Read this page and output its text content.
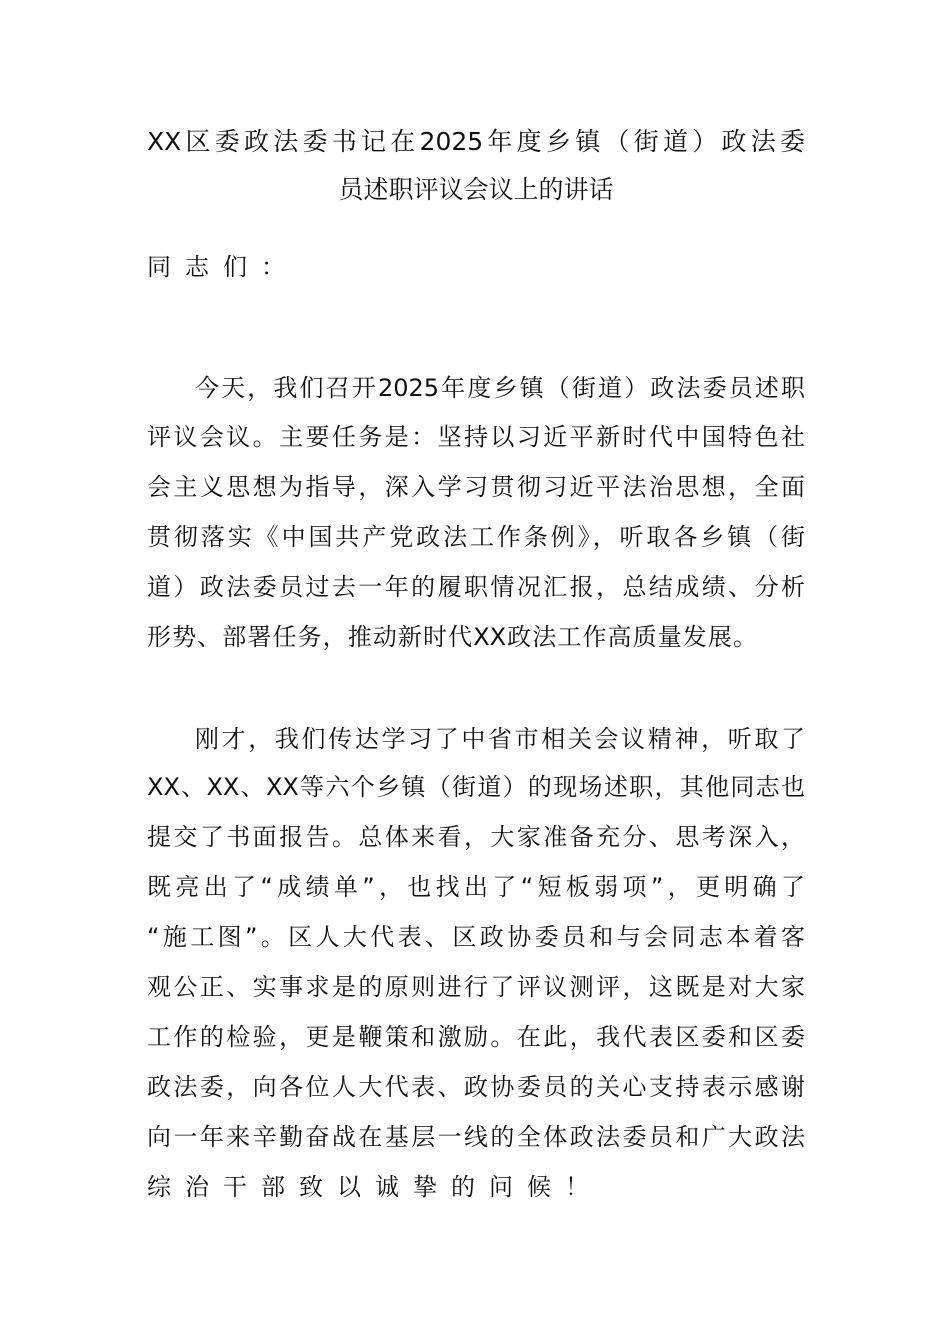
XX区委政法委书记在2025年度乡镇（街道）政法委
员述职评议会议上的讲话
同志们：
今天，我们召开2025年度乡镇（街道）政法委员述职
评议会议。主要任务是：坚持以习近平新时代中国特色社
会主义思想为指导，深入学习贯彻习近平法治思想，全面
贯彻落实《中国共产党政法工作条例》，听取各乡镇（街
道）政法委员过去一年的履职情况汇报，总结成绩、分析
形势、部署任务，推动新时代XX政法工作高质量发展。
刚才，我们传达学习了中省市相关会议精神，听取了
XX、XX、XX等六个乡镇（街道）的现场述职，其他同志也
提交了书面报告。总体来看，大家准备充分、思考深入，
既亮出了“成绩单”，也找出了“短板弱项”，更明确了
“施工图”。区人大代表、区政协委员和与会同志本着客
观公正、实事求是的原则进行了评议测评，这既是对大家
工作的检验，更是鞭策和激励。在此，我代表区委和区委
政法委，向各位人大代表、政协委员的关心支持表示感谢
向一年来辛勤奋战在基层一线的全体政法委员和广大政法
综治干部致以诚挚的问候！
